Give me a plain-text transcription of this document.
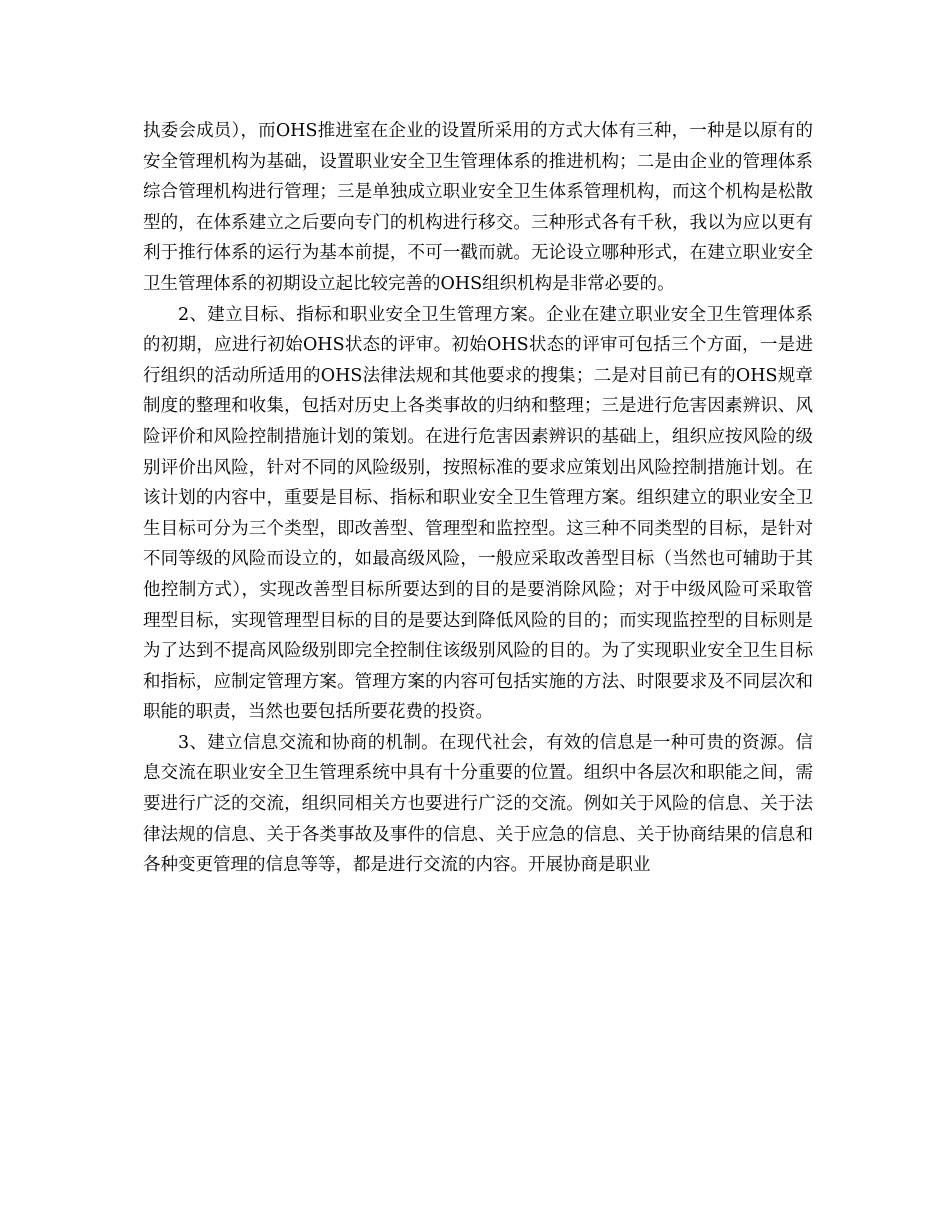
执委会成员），而OHS推进室在企业的设置所采用的方式大体有三种，一种是以原有的安全管理机构为基础，设置职业安全卫生管理体系的推进机构；二是由企业的管理体系综合管理机构进行管理；三是单独成立职业安全卫生体系管理机构，而这个机构是松散型的，在体系建立之后要向专门的机构进行移交。三种形式各有千秋，我以为应以更有利于推行体系的运行为基本前提，不可一戳而就。无论设立哪种形式，在建立职业安全卫生管理体系的初期设立起比较完善的OHS组织机构是非常必要的。

2、建立目标、指标和职业安全卫生管理方案。企业在建立职业安全卫生管理体系的初期，应进行初始OHS状态的评审。初始OHS状态的评审可包括三个方面，一是进行组织的活动所适用的OHS法律法规和其他要求的搜集；二是对目前已有的OHS规章制度的整理和收集，包括对历史上各类事故的归纳和整理；三是进行危害因素辨识、风险评价和风险控制措施计划的策划。在进行危害因素辨识的基础上，组织应按风险的级别评价出风险，针对不同的风险级别，按照标准的要求应策划出风险控制措施计划。在该计划的内容中，重要是目标、指标和职业安全卫生管理方案。组织建立的职业安全卫生目标可分为三个类型，即改善型、管理型和监控型。这三种不同类型的目标，是针对不同等级的风险而设立的，如最高级风险，一般应采取改善型目标（当然也可辅助于其他控制方式），实现改善型目标所要达到的目的是要消除风险；对于中级风险可采取管理型目标，实现管理型目标的目的是要达到降低风险的目的；而实现监控型的目标则是为了达到不提高风险级别即完全控制住该级别风险的目的。为了实现职业安全卫生目标和指标，应制定管理方案。管理方案的内容可包括实施的方法、时限要求及不同层次和职能的职责，当然也要包括所要花费的投资。

3、建立信息交流和协商的机制。在现代社会，有效的信息是一种可贵的资源。信息交流在职业安全卫生管理系统中具有十分重要的位置。组织中各层次和职能之间，需要进行广泛的交流，组织同相关方也要进行广泛的交流。例如关于风险的信息、关于法律法规的信息、关于各类事故及事件的信息、关于应急的信息、关于协商结果的信息和各种变更管理的信息等等，都是进行交流的内容。开展协商是职业
